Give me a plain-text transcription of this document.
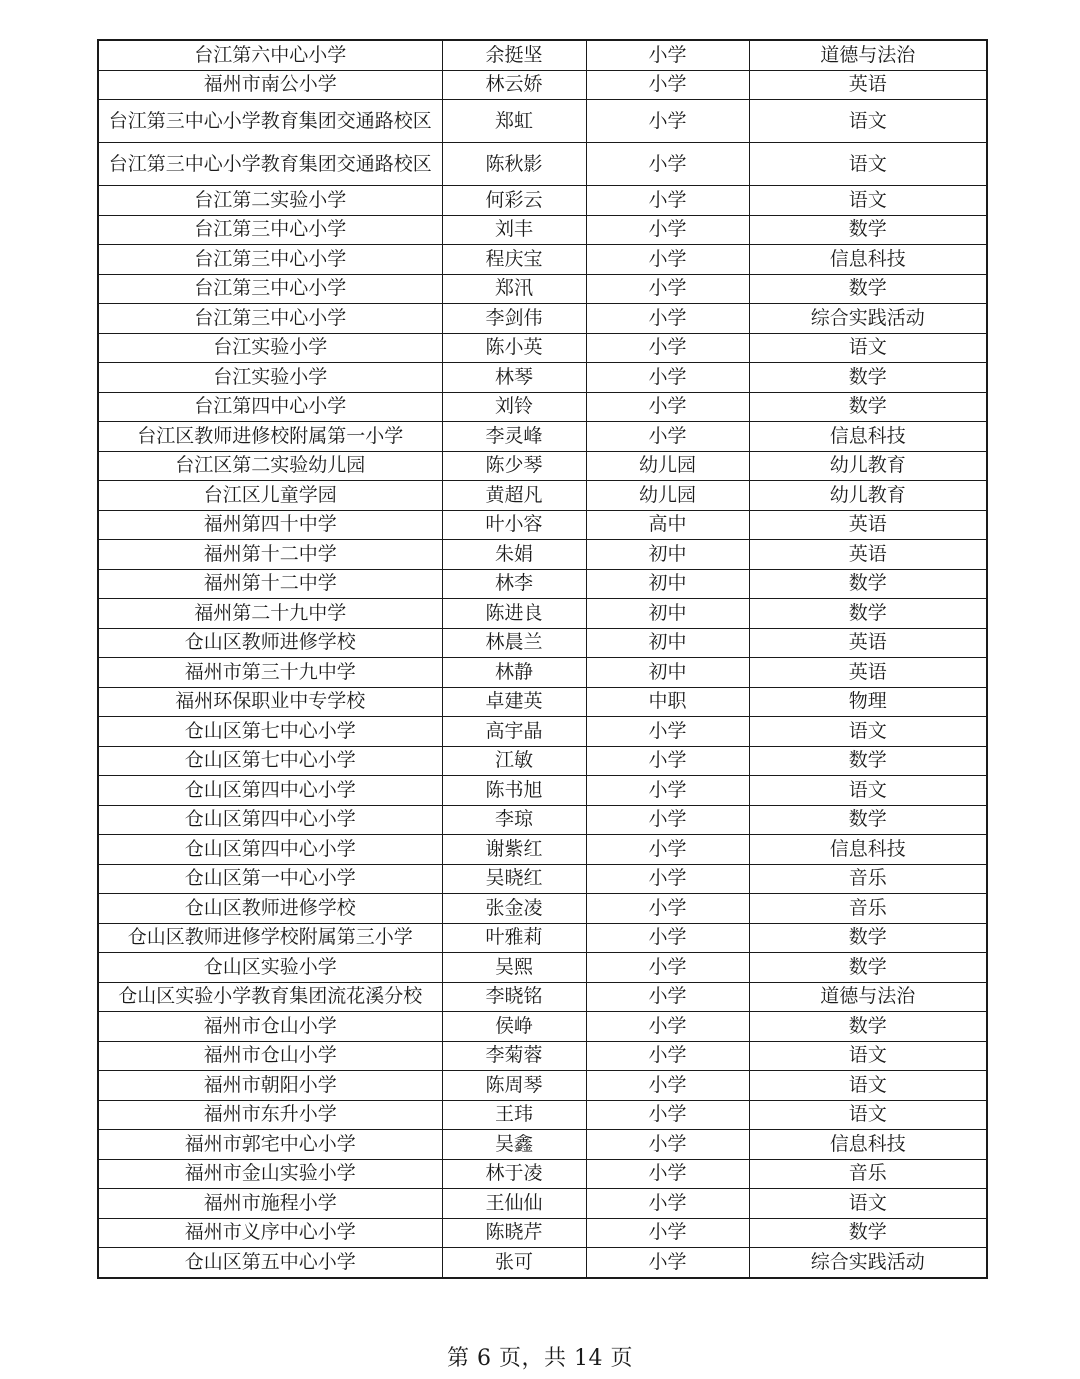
台江第六中心小学	余挺坚	小学	道德与法治
福州市南公小学	林云娇	小学	英语
台江第三中心小学教育集团交通路校区	郑虹	小学	语文
台江第三中心小学教育集团交通路校区	陈秋影	小学	语文
台江第二实验小学	何彩云	小学	语文
台江第三中心小学	刘丰	小学	数学
台江第三中心小学	程庆宝	小学	信息科技
台江第三中心小学	郑汛	小学	数学
台江第三中心小学	李剑伟	小学	综合实践活动
台江实验小学	陈小英	小学	语文
台江实验小学	林琴	小学	数学
台江第四中心小学	刘铃	小学	数学
台江区教师进修校附属第一小学	李灵峰	小学	信息科技
台江区第二实验幼儿园	陈少琴	幼儿园	幼儿教育
台江区儿童学园	黄超凡	幼儿园	幼儿教育
福州第四十中学	叶小容	高中	英语
福州第十二中学	朱娟	初中	英语
福州第十二中学	林李	初中	数学
福州第二十九中学	陈进良	初中	数学
仓山区教师进修学校	林晨兰	初中	英语
福州市第三十九中学	林静	初中	英语
福州环保职业中专学校	卓建英	中职	物理
仓山区第七中心小学	高宇晶	小学	语文
仓山区第七中心小学	江敏	小学	数学
仓山区第四中心小学	陈书旭	小学	语文
仓山区第四中心小学	李琼	小学	数学
仓山区第四中心小学	谢紫红	小学	信息科技
仓山区第一中心小学	吴晓红	小学	音乐
仓山区教师进修学校	张金凌	小学	音乐
仓山区教师进修学校附属第三小学	叶雅莉	小学	数学
仓山区实验小学	吴熙	小学	数学
仓山区实验小学教育集团流花溪分校	李晓铭	小学	道德与法治
福州市仓山小学	侯峥	小学	数学
福州市仓山小学	李菊蓉	小学	语文
福州市朝阳小学	陈周琴	小学	语文
福州市东升小学	王玮	小学	语文
福州市郭宅中心小学	吴鑫	小学	信息科技
福州市金山实验小学	林于凌	小学	音乐
福州市施程小学	王仙仙	小学	语文
福州市义序中心小学	陈晓芹	小学	数学
仓山区第五中心小学	张可	小学	综合实践活动
第 6 页，共 14 页
